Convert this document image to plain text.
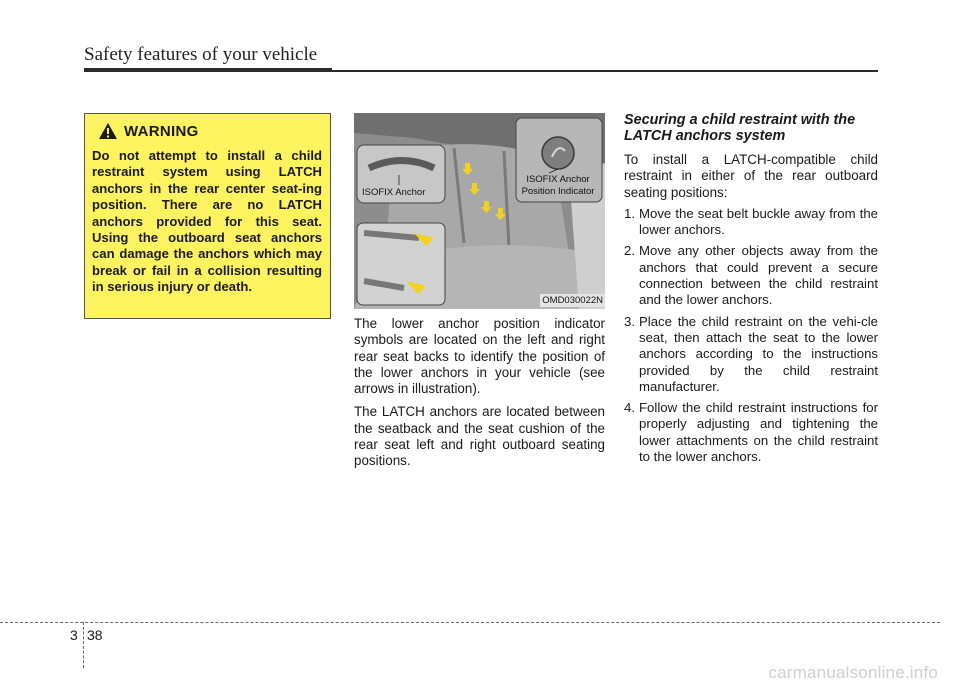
Safety features of your vehicle
WARNING
Do not attempt to install a child restraint system using LATCH anchors in the rear center seat-ing position. There are no LATCH anchors provided for this seat. Using the outboard seat anchors can damage the anchors which may break or fail in a collision resulting in serious injury or death.
ISOFIX Anchor
ISOFIX Anchor Position Indicator
OMD030022N

The lower anchor position indicator symbols are located on the left and right rear seat backs to identify the position of the lower anchors in your vehicle (see arrows in illustration).

The LATCH anchors are located between the seatback and the seat cushion of the rear seat left and right outboard seating positions.

Securing a child restraint with the LATCH anchors system

To install a LATCH-compatible child restraint in either of the rear outboard seating positions:

1. Move the seat belt buckle away from the lower anchors.
2. Move any other objects away from the anchors that could prevent a secure connection between the child restraint and the lower anchors.
3. Place the child restraint on the vehi-cle seat, then attach the seat to the lower anchors according to the instructions provided by the child restraint manufacturer.
4. Follow the child restraint instructions for properly adjusting and tightening the lower attachments on the child restraint to the lower anchors.
3 38
carmanualsonline.info
